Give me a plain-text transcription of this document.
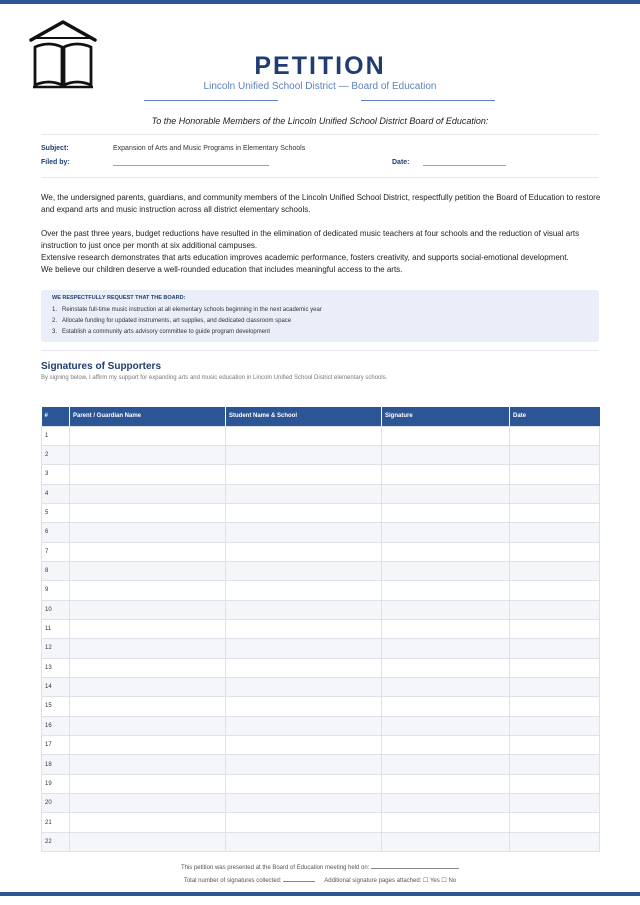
PETITION
Lincoln Unified School District — Board of Education
To the Honorable Members of the Lincoln Unified School District Board of Education:
Subject:	Expansion of Arts and Music Programs in Elementary Schools
Filed by:	Date:
We, the undersigned parents, guardians, and community members of the Lincoln Unified School District, respectfully petition the Board of Education to restore and expand arts and music instruction across all district elementary schools.
Over the past three years, budget reductions have resulted in the elimination of dedicated music teachers at four schools and the reduction of visual arts instruction to just once per month at six additional campuses.
Extensive research demonstrates that arts education improves academic performance, fosters creativity, and supports social-emotional development.
We believe our children deserve a well-rounded education that includes meaningful access to the arts.
WE RESPECTFULLY REQUEST THAT THE BOARD:
1. Reinstate full-time music instruction at all elementary schools beginning in the next academic year
2. Allocate funding for updated instruments, art supplies, and dedicated classroom space
3. Establish a community arts advisory committee to guide program development
Signatures of Supporters
By signing below, I affirm my support for expanding arts and music education in Lincoln Unified School District elementary schools.
#	Parent / Guardian Name	Student Name & School	Signature	Date
1				
2				
3				
4				
5				
6				
7				
8				
9				
10				
11				
12				
13				
14				
15				
16				
17				
18				
19				
20				
21				
22				
This petition was presented at the Board of Education meeting held on:
Total number of signatures collected:	Additional signature pages attached: ☐ Yes ☐ No
